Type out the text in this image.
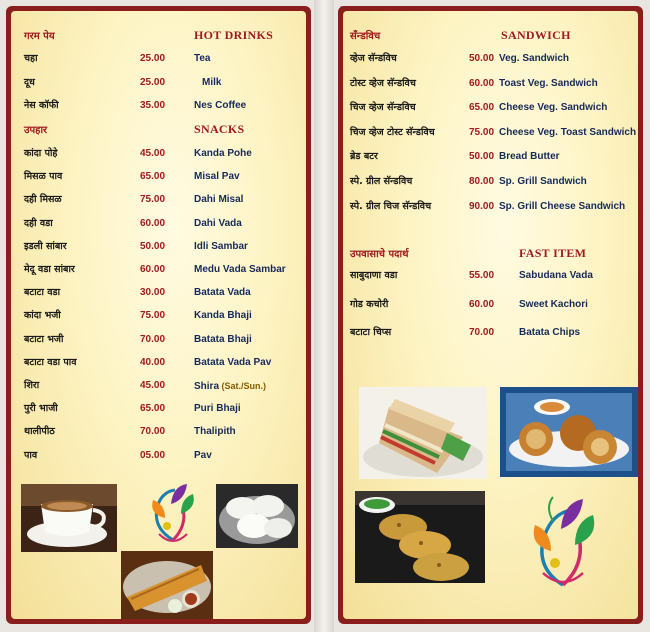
गरम पेय	HOT DRINKS
उपहार	SNACKS
चहा	25.00	Tea
दूध	25.00	Milk
नेस कॉफी	35.00	Nes Coffee
कांदा पोहे	45.00	Kanda Pohe
मिसळ पाव	65.00	Misal Pav
दही मिसळ	75.00	Dahi Misal
दही वडा	60.00	Dahi Vada
इडली सांबार	50.00	Idli Sambar
मेदू वडा सांबार	60.00	Medu Vada Sambar
बटाटा वडा	30.00	Batata Vada
कांदा भजी	75.00	Kanda Bhaji
बटाटा भजी	70.00	Batata Bhaji
बटाटा वडा पाव	40.00	Batata Vada Pav
शिरा	45.00	Shira (Sat./Sun.)
पुरी भाजी	65.00	Puri Bhaji
थालीपीठ	70.00	Thalipith
पाव	05.00	Pav
सँन्डविच	SANDWICH
उपवासाचे पदार्थ	FAST ITEM
व्हेज सॅन्डविच	50.00 Veg. Sandwich
टोस्ट व्हेज सॅन्डविच	60.00 Toast Veg. Sandwich
चिज व्हेज सॅन्डविच	65.00 Cheese Veg. Sandwich
चिज व्हेज टोस्ट सॅन्डविच	75.00 Cheese Veg. Toast Sandwich
ब्रेड बटर	50.00 Bread Butter
स्पे. ग्रील सॅन्डविच	80.00 Sp. Grill Sandwich
स्पे. ग्रील चिज सॅन्डविच	90.00 Sp. Grill Cheese Sandwich
साबुदाणा वडा	55.00 Sabudana Vada
गोड कचोरी	60.00 Sweet Kachori
बटाटा चिप्स	70.00 Batata Chips
